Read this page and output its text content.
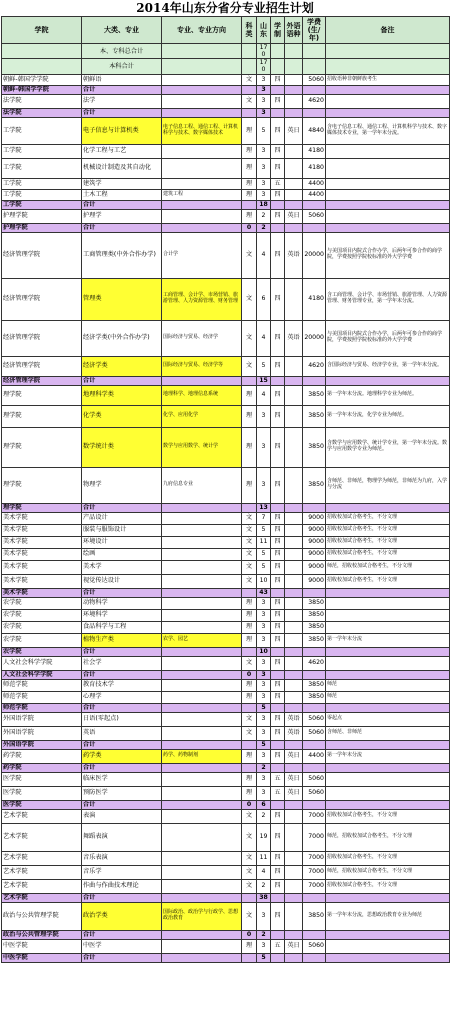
2014年山东分省分专业招生计划
学院	大类、专业	专业、专业方向	科类	山东	学制	外语语种	学费(生/年)	备注
	本、专科总合计			170				
	本科合计			170				
朝鲜-韩国学学院	朝鲜语		文	3	四		5060	招收语种非朝鲜族考生
朝鲜-韩国学学院	合计			3				
法学院	法学		文	3	四		4620	
法学院	合计			3				
工学院	电子信息与计算机类	电子信息工程、通信工程、计算机科学与技术、数字媒体技术	理	5	四	英日	4840	含电子信息工程、通信工程、计算机科学与技术、数字媒体技术专业，第一学年末分流。
工学院	化学工程与工艺		理	3	四		4180	
工学院	机械设计制造及其自动化		理	3	四		4180	
工学院	建筑学		理	3	五		4400	
工学院	土木工程	建筑工程	理	3	四		4400	
工学院	合计			18				
护理学院	护理学		理	2	四	英日	5060	
护理学院	合计		0	2				
经济管理学院	工商管理类(中外合作办学)	合计学	文	4	四	英语	20000	与美国项目内院式合作办学，后两年可参合作的商学院，学费按照学院校标准的外大学学费
经济管理学院	管理类	工商管理、会计学、市场营销、旅游管理、人力资源管理、财务管理	文	6	四		4180	含工商管理、会计学、市场营销、旅游管理、人力资源管理、财务管理专业，第一学年末分流。
经济管理学院	经济学类(中外合作办学)	国际经济与贸易、经济学	文	4	四	英语	20000	与美国项目内院式合作办学，后两年可参合作的商学院，学费按照学院校标准的外大学学费
经济管理学院	经济学类	国际经济与贸易、经济学等	文	5	四		4620	含国际经济与贸易、经济学专业，第一学年末分流。
经济管理学院	合计			15				
理学院	地理科学类	地理科学、地理信息系统	理	4	四		3850	第一学年末分流。地理科学专业为师范。
理学院	化学类	化学、应用化学	理	3	四		3850	第一学年末分流，化学专业为师范。
理学院	数学统计类	数学与应用数学、统计学	理	3	四		3850	含数学与应用数学、统计学专业，第一学年末分流。数学与应用数学专业为师范。
理学院	物理学	九府信息专业	理	3	四		3850	含师范、非师范，物理学为师范，非师范为九府，入学与分流
理学院	合计			13				
美术学院	产品设计		文	7	四		9000	招收校加试合格考生，不分文理
美术学院	服装与服饰设计		文	5	四		9000	招收校加试合格考生，不分文理
美术学院	环境设计		文	11	四		9000	招收校加试合格考生，不分文理
美术学院	绘画		文	5	四		9000	招收校加试合格考生，不分文理
美术学院	美术学		文	5	四		9000	师范，招收校加试合格考生，不分文理
美术学院	视觉传达设计		文	10	四		9000	招收校加试合格考生，不分文理
美术学院	合计			43				
农学院	动物科学		理	3	四		3850	
农学院	环境科学		理	3	四		3850	
农学院	食品科学与工程		理	3	四		3850	
农学院	植物生产类	农学、园艺	理	3	四		3850	第一学年末分流
农学院	合计			10				
人文社会科学学院	社会学		文	3	四		4620	
人文社会科学学院	合计		0	3				
师范学院	教育技术学		理	3	四		3850	师范
师范学院	心理学		理	3	四		3850	师范
师范学院	合计			5				
外国语学院	日语(零起点)		文	3	四	英语	5060	零起点
外国语学院	英语		文	3	四	英语	5060	含师范、非师范
外国语学院	合计			5				
药学院	药学类	药学、药物制剂	理	3	四	英日	4400	第一学年末分流
药学院	合计			2				
医学院	临床医学		理	3	五	英日	5060	
医学院	预防医学		理	3	五	英日	5060	
医学院	合计		0	6				
艺术学院	表演		文	2	四		7000	招收校加试合格考生，不分文理
艺术学院	舞蹈表演		文	19	四		7000	师范，招收校加试合格考生，不分文理
艺术学院	音乐表演		文	11	四		7000	招收校加试合格考生，不分文理
艺术学院	音乐学		文	4	四		7000	师范，招收校加试合格考生，不分文理
艺术学院	作曲与作曲技术理论		文	2	四		7000	招收校加试合格考生，不分文理
艺术学院	合计			38				
政治与公共管理学院	政治学类	国际政治、政治学与行政学、思想政治教育	文	3	四		3850	第一学年末分流，思想政治教育专业为师范
政治与公共管理学院	合计		0	2				
中医学院	中医学		理	3	五	英日	5060	
中医学院	合计			5				
